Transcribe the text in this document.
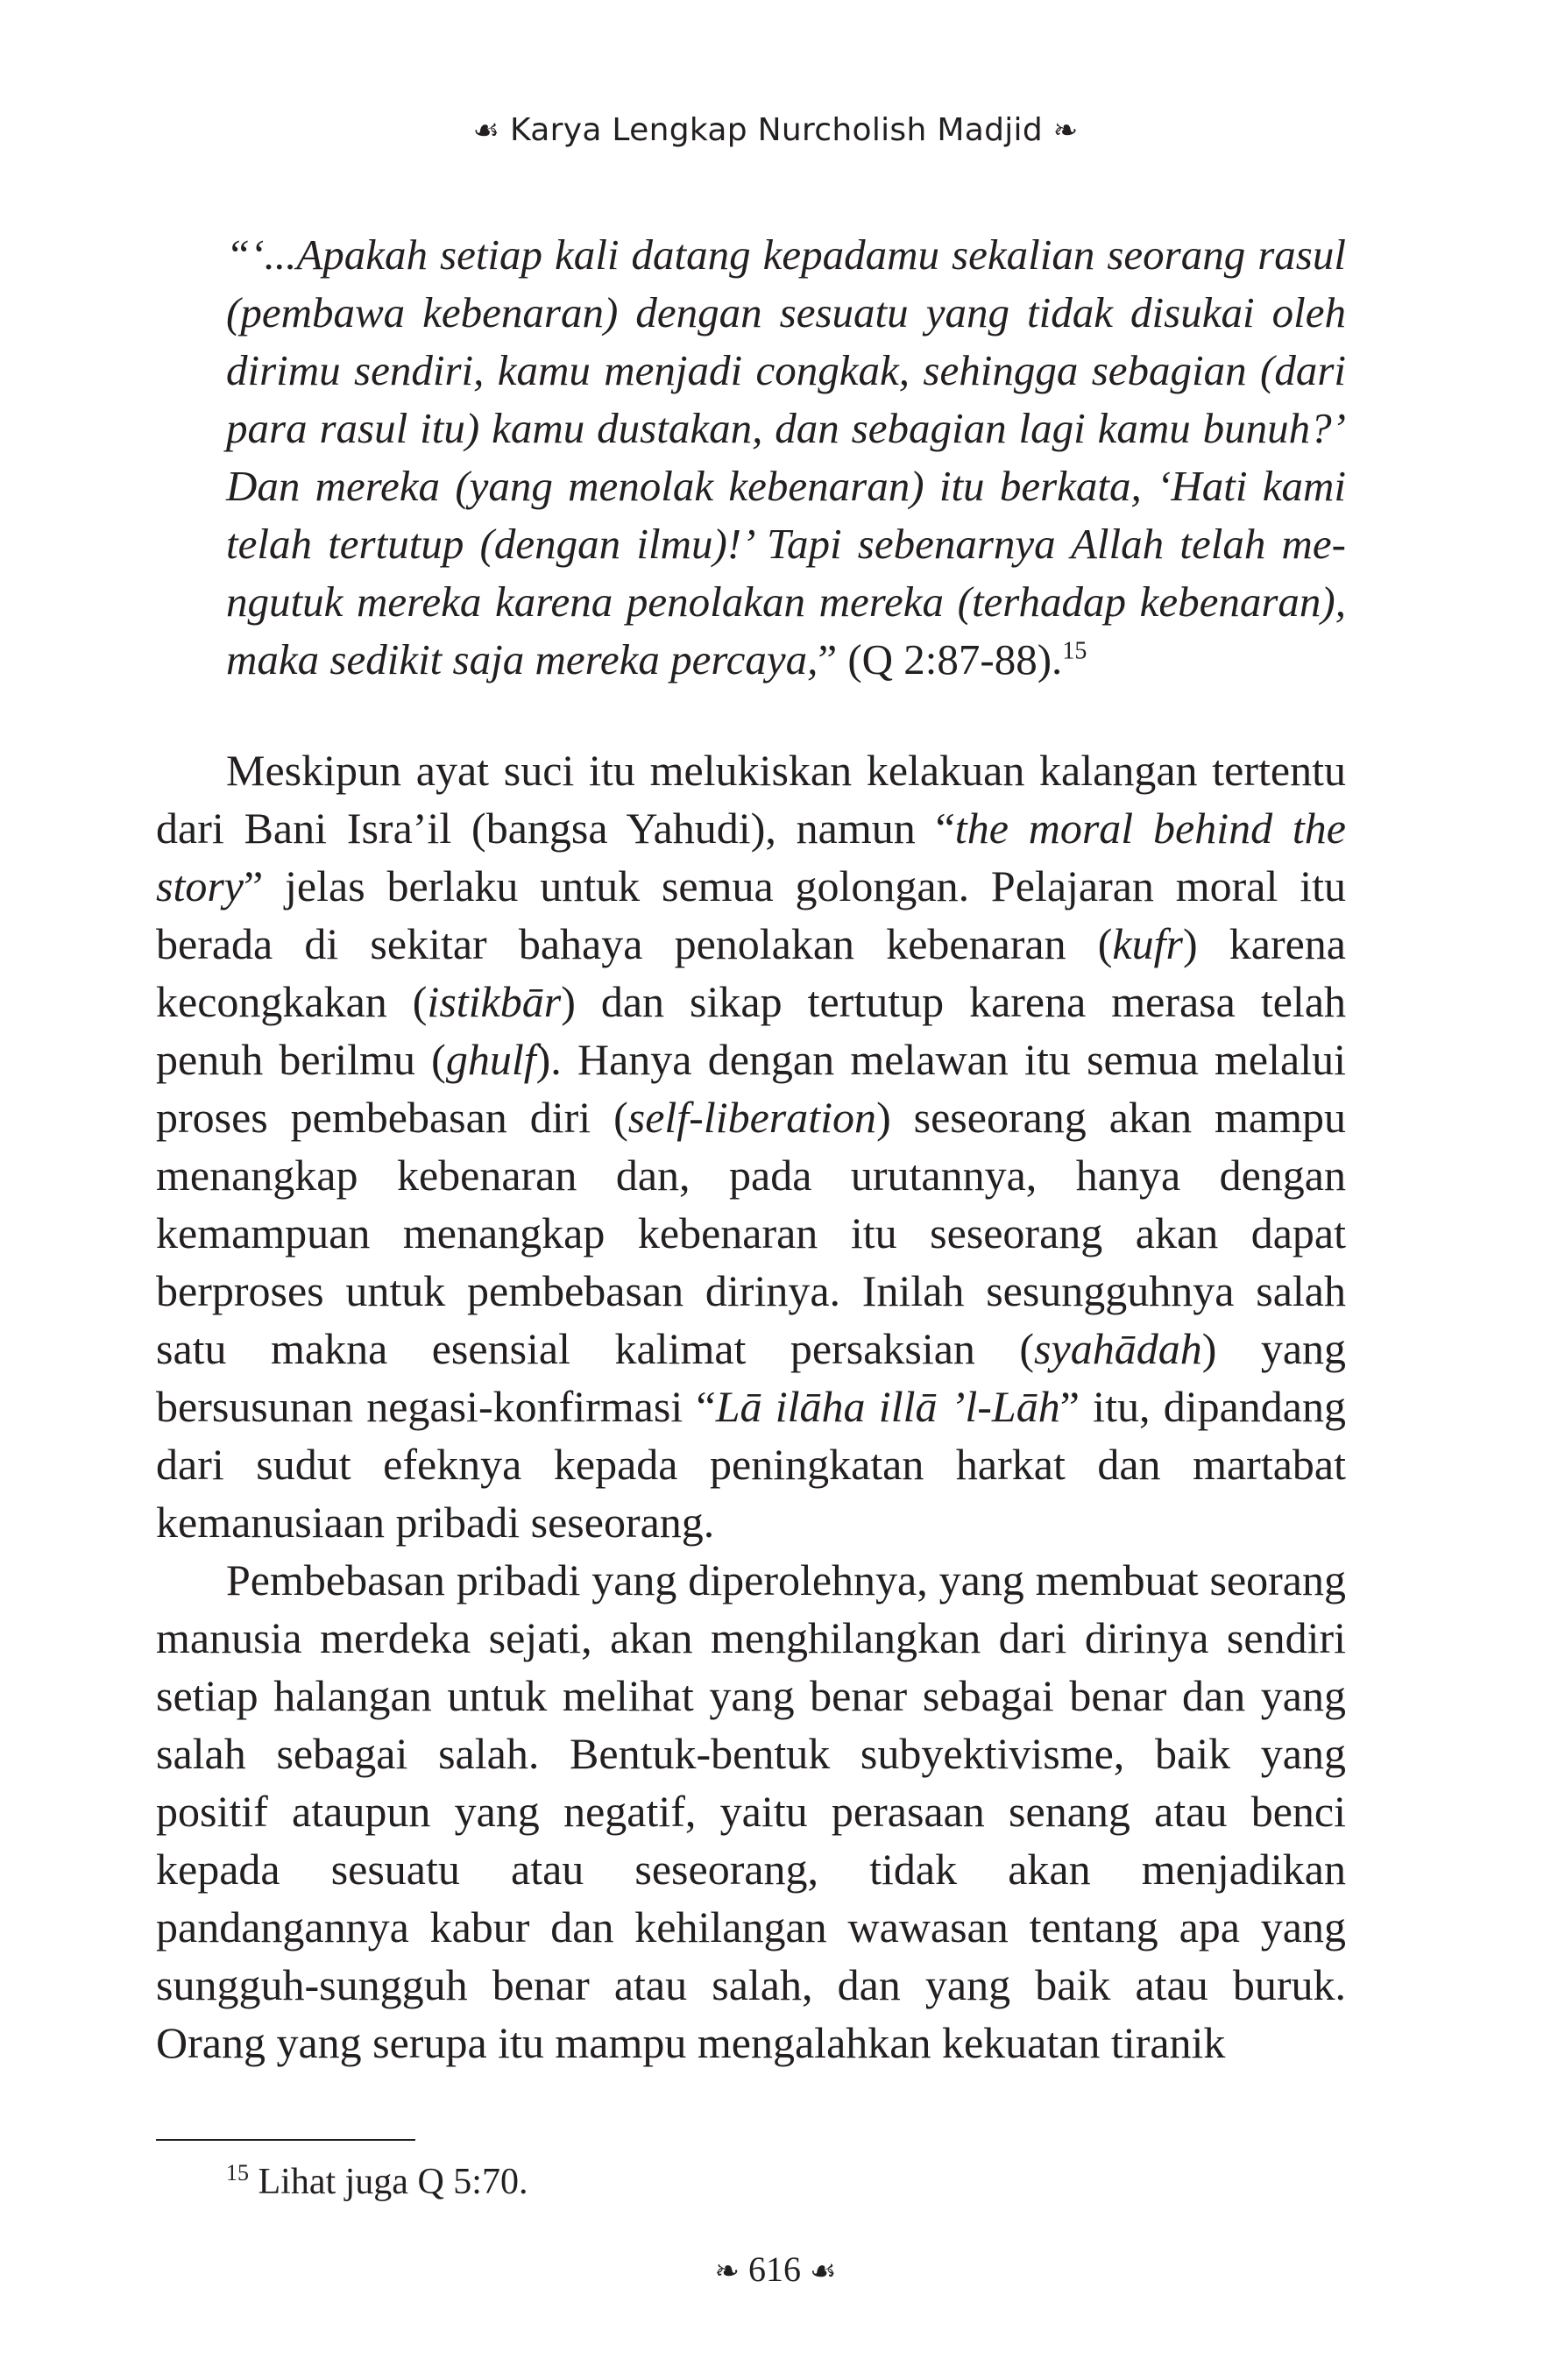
☙ Karya Lengkap Nurcholish Madjid ❧

“‘...Apakah setiap kali datang kepadamu sekalian seorang rasul (pembawa kebenaran) dengan sesuatu yang tidak disukai oleh dirimu sendiri, kamu menjadi congkak, sehingga sebagian (dari para rasul itu) kamu dustakan, dan sebagian lagi kamu bunuh?’ Dan mereka (yang menolak kebenaran) itu berkata, ‘Hati kami telah tertutup (dengan ilmu)!’ Tapi sebenarnya Allah telah me-ngutuk mereka karena penolakan mereka (terhadap kebenaran), maka sedikit saja mereka percaya,” (Q 2:87-88).$^{15}$

Meskipun ayat suci itu melukiskan kelakuan kalangan tertentu dari Bani Isra’il (bangsa Yahudi), namun “the moral behind the story” jelas berlaku untuk semua golongan. Pelajaran moral itu berada di sekitar bahaya penolakan kebenaran (kufr) karena kecongkakan (istikbār) dan sikap tertutup karena merasa telah penuh berilmu (ghulf). Hanya dengan melawan itu semua melalui proses pembebasan diri (self-liberation) seseorang akan mampu menangkap kebenaran dan, pada urutannya, hanya dengan kemampuan menangkap kebenaran itu seseorang akan dapat berproses untuk pembebasan dirinya. Inilah sesungguhnya salah satu makna esensial kalimat persaksian (syahādah) yang bersusunan negasi-konfirmasi “Lā ilāha illā ’l-Lāh” itu, dipandang dari sudut efeknya kepada peningkatan harkat dan martabat kemanusiaan pribadi seseorang.

Pembebasan pribadi yang diperolehnya, yang membuat seorang manusia merdeka sejati, akan menghilangkan dari dirinya sendiri setiap halangan untuk melihat yang benar sebagai benar dan yang salah sebagai salah. Bentuk-bentuk subyektivisme, baik yang positif ataupun yang negatif, yaitu perasaan senang atau benci kepada sesuatu atau seseorang, tidak akan menjadikan pandangannya kabur dan kehilangan wawasan tentang apa yang sungguh-sungguh benar atau salah, dan yang baik atau buruk. Orang yang serupa itu mampu mengalahkan kekuatan tiranik

$^{15}$ Lihat juga Q 5:70.
❧ 616 ☙
